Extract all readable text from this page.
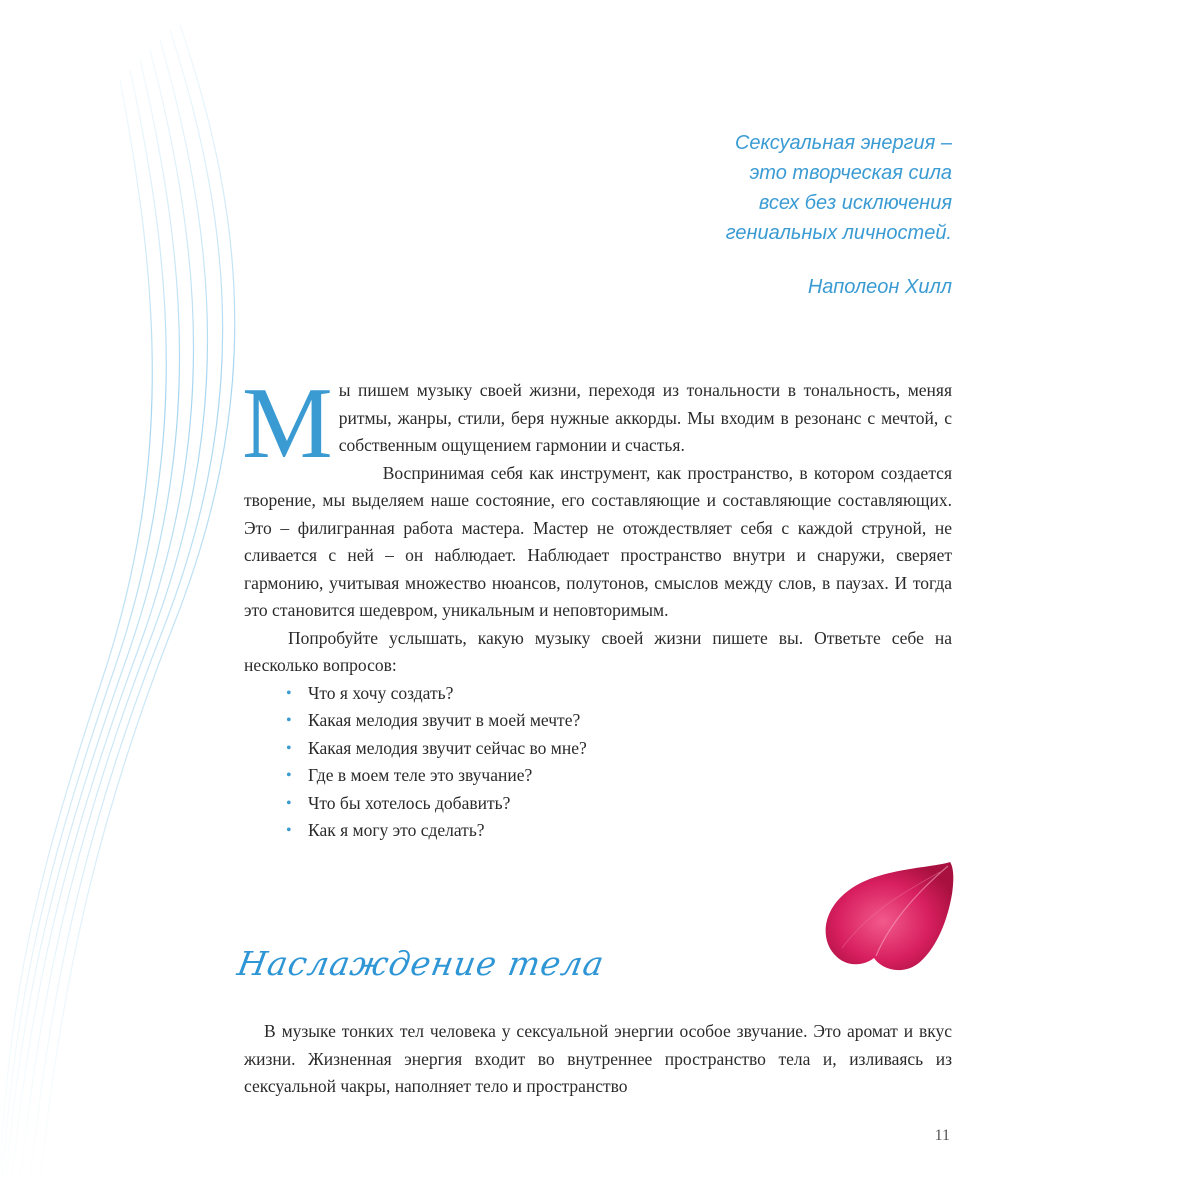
Сексуальная энергия –
это творческая сила
всех без исключения
гениальных личностей.
Наполеон Хилл

Мы пишем музыку своей жизни, переходя из тональности в тональность, меняя ритмы, жанры, стили, беря нужные аккорды. Мы входим в резонанс с мечтой, с собственным ощущением гармонии и счастья.

Воспринимая себя как инструмент, как пространство, в котором создается творение, мы выделяем наше состояние, его составляющие и составляющие составляющих. Это – филигранная работа мастера. Мастер не отождествляет себя с каждой струной, не сливается с ней – он наблюдает. Наблюдает пространство внутри и снаружи, сверяет гармонию, учитывая множество нюансов, полутонов, смыслов между слов, в паузах. И тогда это становится шедевром, уникальным и неповторимым.

Попробуйте услышать, какую музыку своей жизни пишете вы. Ответьте себе на несколько вопросов:

• Что я хочу создать?
• Какая мелодия звучит в моей мечте?
• Какая мелодия звучит сейчас во мне?
• Где в моем теле это звучание?
• Что бы хотелось добавить?
• Как я могу это сделать?
Наслаждение тела

В музыке тонких тел человека у сексуальной энергии особое звучание. Это аромат и вкус жизни. Жизненная энергия входит во внутреннее пространство тела и, изливаясь из сексуальной чакры, наполняет тело и пространство

11
